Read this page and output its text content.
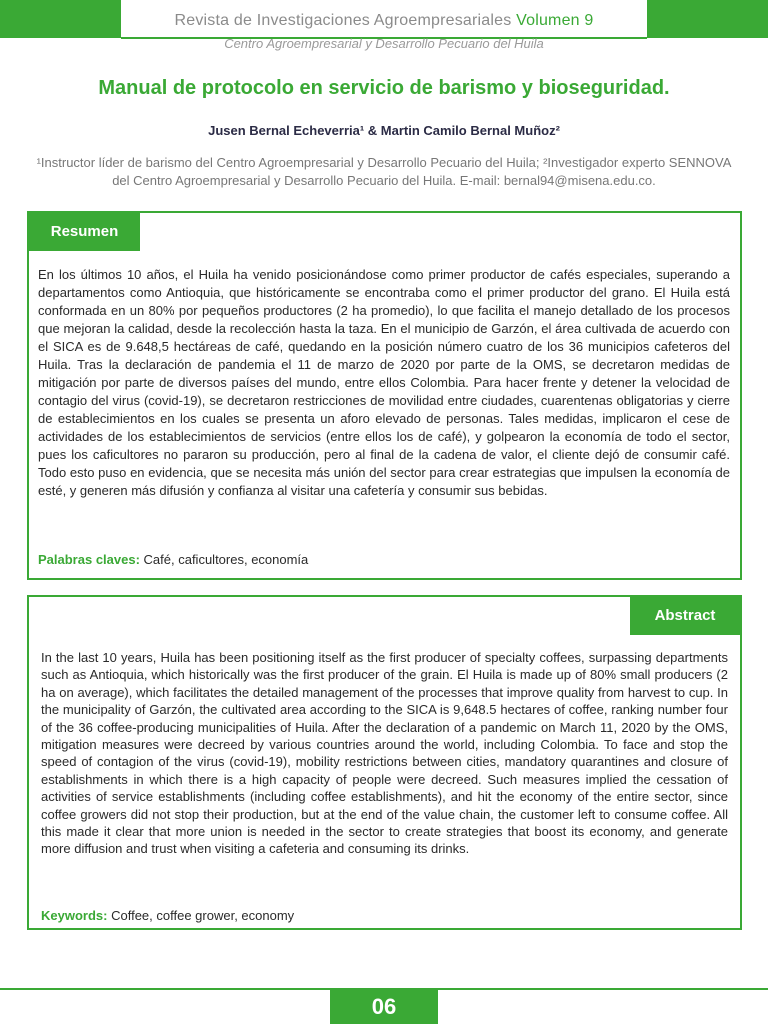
Revista de Investigaciones Agroempresariales Volumen 9
Centro Agroempresarial y Desarrollo Pecuario del Huila
Manual de protocolo en servicio de barismo y bioseguridad.
Jusen Bernal Echeverria¹ & Martin Camilo Bernal Muñoz²
¹Instructor líder de barismo del Centro Agroempresarial y Desarrollo Pecuario del Huila; ²Investigador experto SENNOVA del Centro Agroempresarial y Desarrollo Pecuario del Huila. E-mail: bernal94@misena.edu.co.
Resumen
En los últimos 10 años, el Huila ha venido posicionándose como primer productor de cafés especiales, superando a departamentos como Antioquia, que históricamente se encontraba como el primer productor del grano. El Huila está conformada en un 80% por pequeños productores (2 ha promedio), lo que facilita el manejo detallado de los procesos que mejoran la calidad, desde la recolección hasta la taza. En el municipio de Garzón, el área cultivada de acuerdo con el SICA es de 9.648,5 hectáreas de café, quedando en la posición número cuatro de los 36 municipios cafeteros del Huila. Tras la declaración de pandemia el 11 de marzo de 2020 por parte de la OMS, se decretaron medidas de mitigación por parte de diversos países del mundo, entre ellos Colombia. Para hacer frente y detener la velocidad de contagio del virus (covid-19), se decretaron restricciones de movilidad entre ciudades, cuarentenas obligatorias y cierre de establecimientos en los cuales se presenta un aforo elevado de personas. Tales medidas, implicaron el cese de actividades de los establecimientos de servicios (entre ellos los de café), y golpearon la economía de todo el sector, pues los caficultores no pararon su producción, pero al final de la cadena de valor, el cliente dejó de consumir café. Todo esto puso en evidencia, que se necesita más unión del sector para crear estrategias que impulsen la economía de esté, y generen más difusión y confianza al visitar una cafetería y consumir sus bebidas.
Palabras claves: Café, caficultores, economía
Abstract
In the last 10 years, Huila has been positioning itself as the first producer of specialty coffees, surpassing departments such as Antioquia, which historically was the first producer of the grain. El Huila is made up of 80% small producers (2 ha on average), which facilitates the detailed management of the processes that improve quality from harvest to cup. In the municipality of Garzón, the cultivated area according to the SICA is 9,648.5 hectares of coffee, ranking number four of the 36 coffee-producing municipalities of Huila. After the declaration of a pandemic on March 11, 2020 by the OMS, mitigation measures were decreed by various countries around the world, including Colombia. To face and stop the speed of contagion of the virus (covid-19), mobility restrictions between cities, mandatory quarantines and closure of establishments in which there is a high capacity of people were decreed. Such measures implied the cessation of activities of service establishments (including coffee establishments), and hit the economy of the entire sector, since coffee growers did not stop their production, but at the end of the value chain, the customer left to consume coffee. All this made it clear that more union is needed in the sector to create strategies that boost its economy, and generate more diffusion and trust when visiting a cafeteria and consuming its drinks.
Keywords: Coffee, coffee grower, economy
06
